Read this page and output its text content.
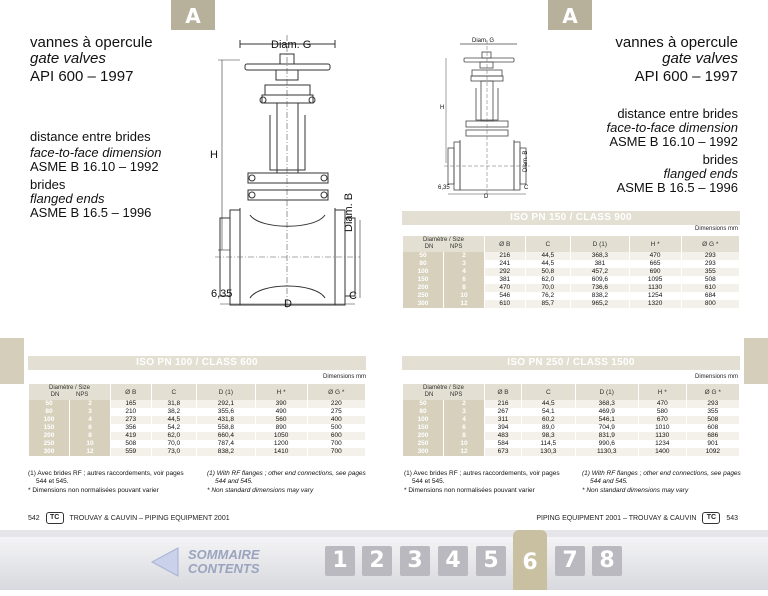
A	A
vannes à opercule
gate valves
API 600 – 1997
distance entre brides
face-to-face dimension
ASME B 16.10 – 1992
brides
flanged ends
ASME B 16.5 – 1996
Diam. G
H
Diam. B
6,35	C
D
vannes à opercule
gate valves
API 600 – 1997
distance entre brides
face-to-face dimension
ASME B 16.10 – 1992
brides
flanged ends
ASME B 16.5 – 1996
Diam. G
H
Diam. B
6,35	C
D
ISO PN 150 / CLASS 900
Dimensions mm
Diamètre / Size
DN NPS		Ø B	C	D (1)	H *	Ø G *
50	2	216	44,5	368,3	470	293
80	3	241	44,5	381	665	293
100	4	292	50,8	457,2	690	355
150	6	381	62,0	609,6	1095	508
200	8	470	70,0	736,6	1130	610
250	10	546	76,2	838,2	1254	684
300	12	610	85,7	965,2	1320	800
ISO PN 100 / CLASS 600
Dimensions mm
Diamètre / Size
DN NPS		Ø B	C	D (1)	H *	Ø G *
50	2	165	31,8	292,1	390	220
80	3	210	38,2	355,6	490	275
100	4	273	44,5	431,8	560	400
150	6	356	54,2	558,8	890	500
200	8	419	62,0	660,4	1050	600
250	10	508	70,0	787,4	1200	700
300	12	559	73,0	838,2	1410	700
ISO PN 250 / CLASS 1500
Dimensions mm
Diamètre / Size
DN NPS		Ø B	C	D (1)	H *	Ø G *
50	2	216	44,5	368,3	470	293
80	3	267	54,1	469,9	580	355
100	4	311	60,2	546,1	670	508
150	6	394	89,0	704,9	1010	608
200	8	483	98,3	831,9	1130	686
250	10	584	114,5	990,6	1234	901
300	12	673	130,3	1130,3	1400	1092
(1) Avec brides RF ; autres raccordements, voir pages
544 et 545.
* Dimensions non normalisées pouvant varier
(1) With RF flanges ; other end connections, see pages
544 and 545.
* Non standard dimensions may vary
(1) Avec brides RF ; autres raccordements, voir pages
544 et 545.
* Dimensions non normalisées pouvant varier
(1) With RF flanges ; other end connections, see pages
544 and 545.
* Non standard dimensions may vary
542 TC TROUVAY & CAUVIN – PIPING EQUIPMENT 2001	PIPING EQUIPMENT 2001 – TROUVAY & CAUVIN TC 543
SOMMAIRE
CONTENTS	1 2	3	4	5	6	7 8
